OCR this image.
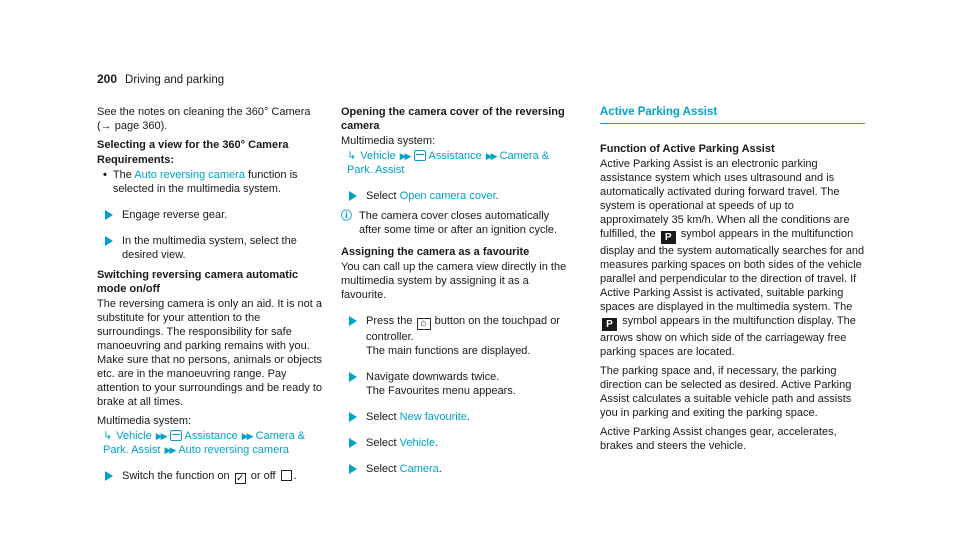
200 Driving and parking

See the notes on cleaning the 360° Camera (→ page 360).

Selecting a view for the 360° Camera

Requirements:

• The Auto reversing camera function is selected in the multimedia system.
Engage reverse gear.
In the multimedia system, select the desired view.

Switching reversing camera automatic mode on/off

The reversing camera is only an aid. It is not a substitute for your attention to the surroundings. The responsibility for safe manoeuvring and parking remains with you. Make sure that no persons, animals or objects etc. are in the manoeuvring range. Pay attention to your surroundings and be ready to brake at all times.

Multimedia system:

↳ Vehicle ▶▶ Assistance ▶▶ Camera & Park. Assist ▶▶ Auto reversing camera
Switch the function on ✓ or off .

Opening the camera cover of the reversing camera

Multimedia system:

↳ Vehicle ▶▶ Assistance ▶▶ Camera & Park. Assist
Select Open camera cover.
ⓘ The camera cover closes automatically after some time or after an ignition cycle.

Assigning the camera as a favourite

You can call up the camera view directly in the multimedia system by assigning it as a favourite.

Press the ⌂ button on the touchpad or controller.
The main functions are displayed.
Navigate downwards twice.
The Favourites menu appears.
Select New favourite.
Select Vehicle.
Select Camera.
Active Parking Assist

Function of Active Parking Assist

Active Parking Assist is an electronic parking assistance system which uses ultrasound and is automatically activated during forward travel. The system is operational at speeds of up to approximately 35 km/h. When all the conditions are fulfilled, the P symbol appears in the multifunction display and the system automatically searches for and measures parking spaces on both sides of the vehicle parallel and perpendicular to the direction of travel. If Active Parking Assist is activated, suitable parking spaces are displayed in the multimedia system. The P symbol appears in the multifunction display. The arrows show on which side of the carriageway free parking spaces are located.

The parking space and, if necessary, the parking direction can be selected as desired. Active Parking Assist calculates a suitable vehicle path and assists you in parking and exiting the parking space.

Active Parking Assist changes gear, accelerates, brakes and steers the vehicle.
